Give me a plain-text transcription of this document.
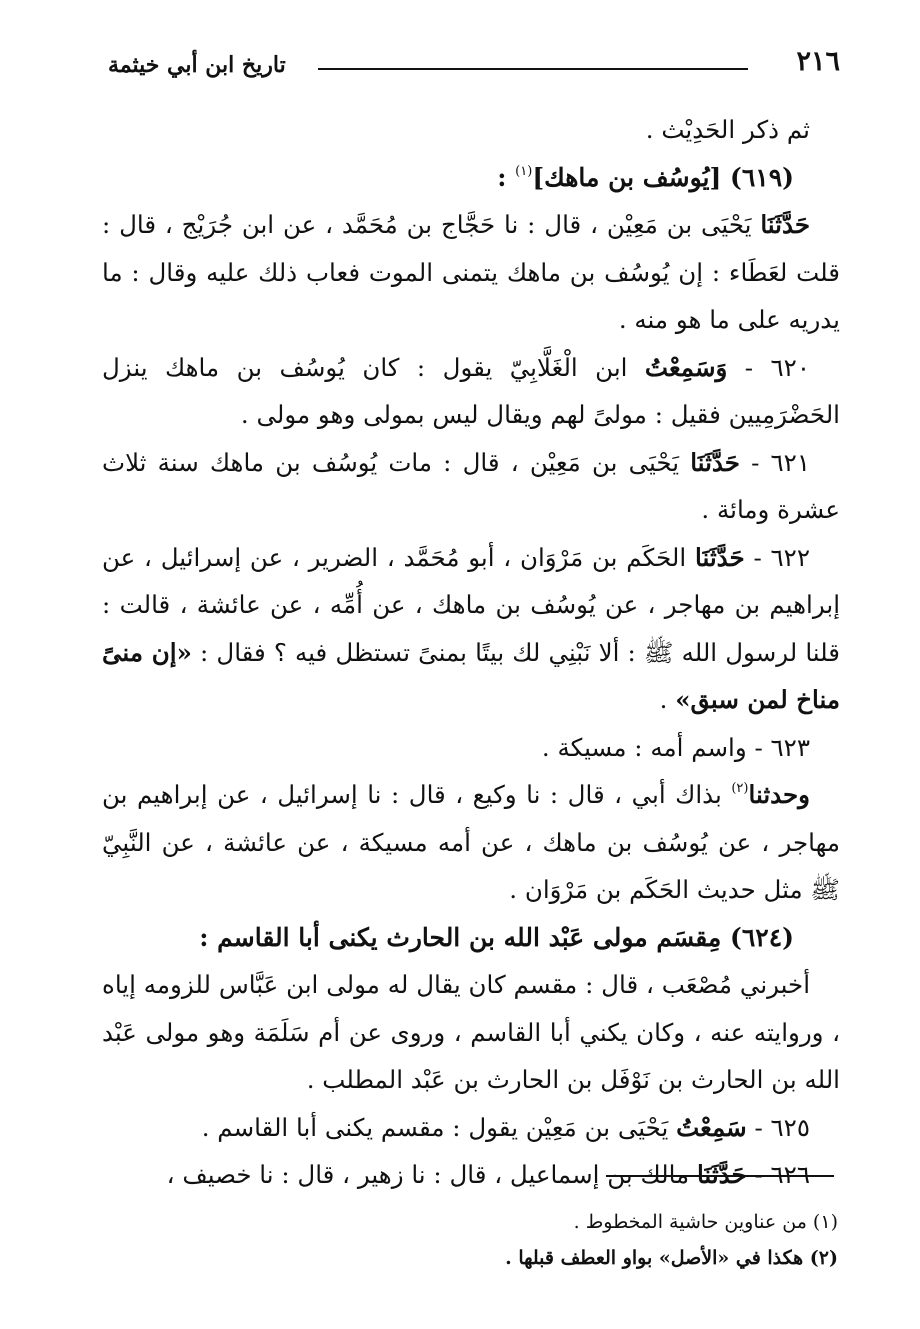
٢١٦
تاريخ ابن أبي خيثمة

ثم ذكر الحَدِيْث .

(٦١٩) [يُوسُف بن ماهك]$^{(١)}$ :

حَدَّثَنَا يَحْيَى بن مَعِيْن ، قال : نا حَجَّاج بن مُحَمَّد ، عن ابن جُرَيْج ، قال : قلت لعَطَاء : إن يُوسُف بن ماهك يتمنى الموت فعاب ذلك عليه وقال : ما يدريه على ما هو منه .

٦٢٠ - وَسَمِعْتُ ابن الْغَلَّابِيّ يقول : كان يُوسُف بن ماهك ينزل الحَضْرَمِيين فقيل : مولىً لهم ويقال ليس بمولى وهو مولى .

٦٢١ - حَدَّثَنَا يَحْيَى بن مَعِيْن ، قال : مات يُوسُف بن ماهك سنة ثلاث عشرة ومائة .

٦٢٢ - حَدَّثَنَا الحَكَم بن مَرْوَان ، أبو مُحَمَّد ، الضرير ، عن إسرائيل ، عن إبراهيم بن مهاجر ، عن يُوسُف بن ماهك ، عن أُمِّه ، عن عائشة ، قالت : قلنا لرسول الله ﷺ : ألا نَبْنِي لك بيتًا بمنىً تستظل فيه ؟ فقال : «إن منىً مناخ لمن سبق» .

٦٢٣ - واسم أمه : مسيكة .

وحدثنا$^{(٢)}$ بذاك أبي ، قال : نا وكيع ، قال : نا إسرائيل ، عن إبراهيم بن مهاجر ، عن يُوسُف بن ماهك ، عن أمه مسيكة ، عن عائشة ، عن النَّبِيّ ﷺ مثل حديث الحَكَم بن مَرْوَان .

(٦٢٤) مِقسَم مولى عَبْد الله بن الحارث يكنى أبا القاسم :

أخبرني مُصْعَب ، قال : مقسم كان يقال له مولى ابن عَبَّاس للزومه إياه ، وروايته عنه ، وكان يكني أبا القاسم ، وروى عن أم سَلَمَة وهو مولى عَبْد الله بن الحارث بن نَوْفَل بن الحارث بن عَبْد المطلب .

٦٢٥ - سَمِعْتُ يَحْيَى بن مَعِيْن يقول : مقسم يكنى أبا القاسم .

٦٢٦ - حَدَّثَنَا مالك بن إسماعيل ، قال : نا زهير ، قال : نا خصيف ،

(١) من عناوين حاشية المخطوط .
(٢) هكذا في «الأصل» بواو العطف قبلها .
